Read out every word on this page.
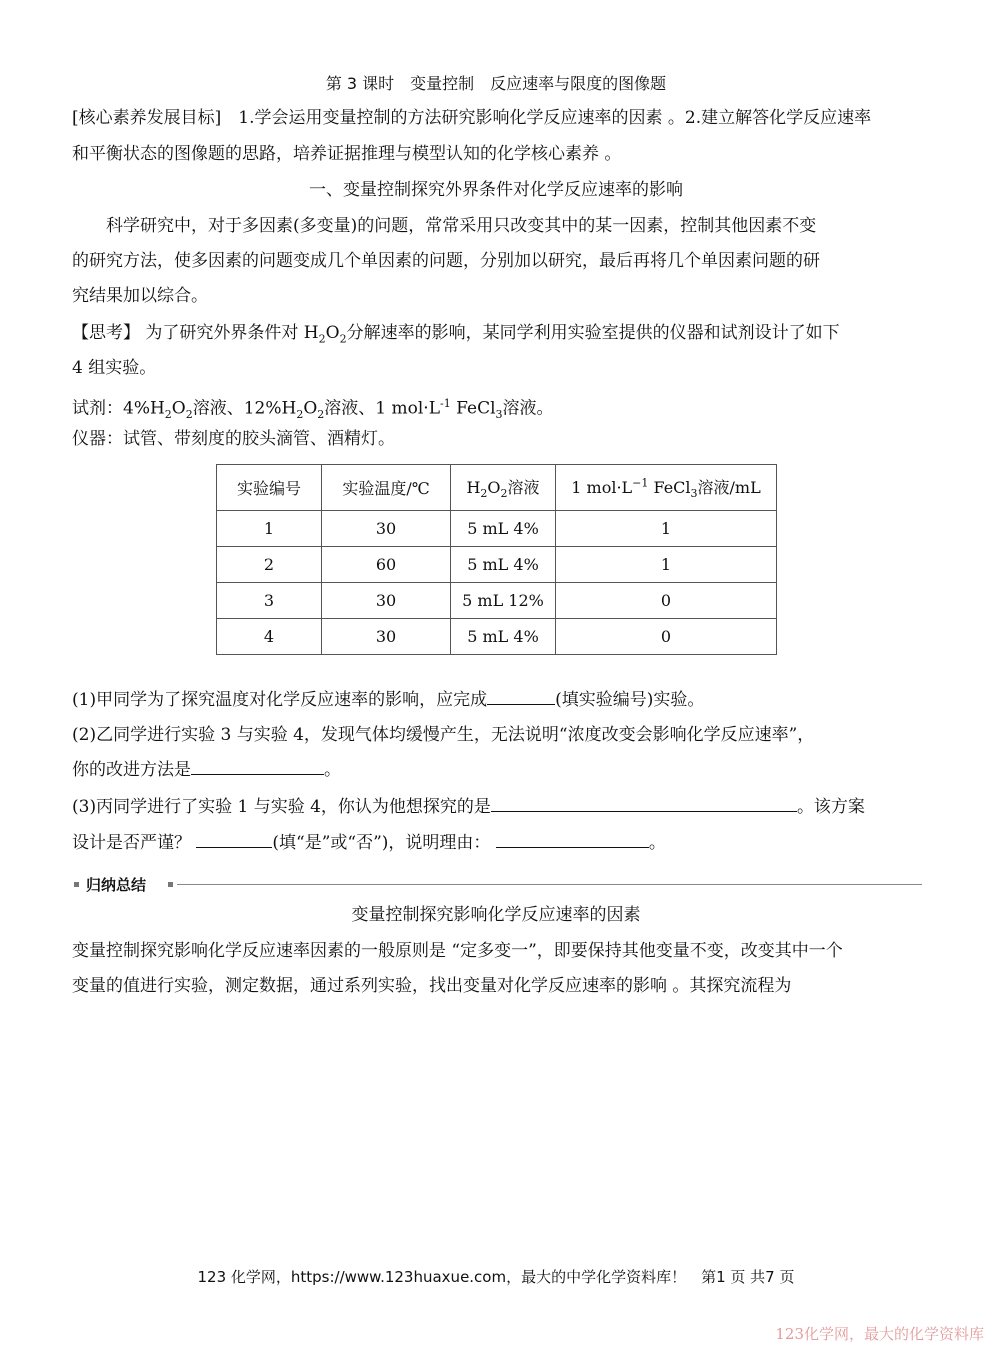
第 3 课时　变量控制　反应速率与限度的图像题
[核心素养发展目标]　1.学会运用变量控制的方法研究影响化学反应速率的因素 。2.建立解答化学反应速率
和平衡状态的图像题的思路，培养证据推理与模型认知的化学核心素养 。
一、变量控制探究外界条件对化学反应速率的影响
科学研究中，对于多因素(多变量)的问题，常常采用只改变其中的某一因素，控制其他因素不变
的研究方法，使多因素的问题变成几个单因素的问题，分别加以研究，最后再将几个单因素问题的研
究结果加以综合。
【思考】 为了研究外界条件对 $H_2O_2$分解速率的影响，某同学利用实验室提供的仪器和试剂设计了如下
4 组实验。
试剂：$4\%H_2O_2$溶液、$12\%H_2O_2$溶液、1 $mol\cdot L^{-1}$ FeCl$_3$溶液。
仪器：试管、带刻度的胶头滴管、酒精灯。
实验编号	实验温度/℃	$H_2O_2$溶液	1 $mol\cdot L^{-1}$ FeCl$_3$溶液/mL
1	30	5 mL 4%	1
2	60	5 mL 4%	1
3	30	5 mL 12%	0
4	30	5 mL 4%	0
(1)甲同学为了探究温度对化学反应速率的影响，应完成	(填实验编号)实验。
(2)乙同学进行实验 3 与实验 4，发现气体均缓慢产生，无法说明“浓度改变会影响化学反应速率”，
你的改进方法是	。
(3)丙同学进行了实验 1 与实验 4，你认为他想探究的是	。该方案
设计是否严谨？	(填“是”或“否”)，说明理由：	。
归纳总结
变量控制探究影响化学反应速率的因素
变量控制探究影响化学反应速率因素的一般原则是 “定多变一”，即要保持其他变量不变，改变其中一个
变量的值进行实验，测定数据，通过系列实验，找出变量对化学反应速率的影响 。其探究流程为
123 化学网，https://www.123huaxue.com，最大的中学化学资料库！　第1 页 共7 页
123化学网，最大的化学资料库
